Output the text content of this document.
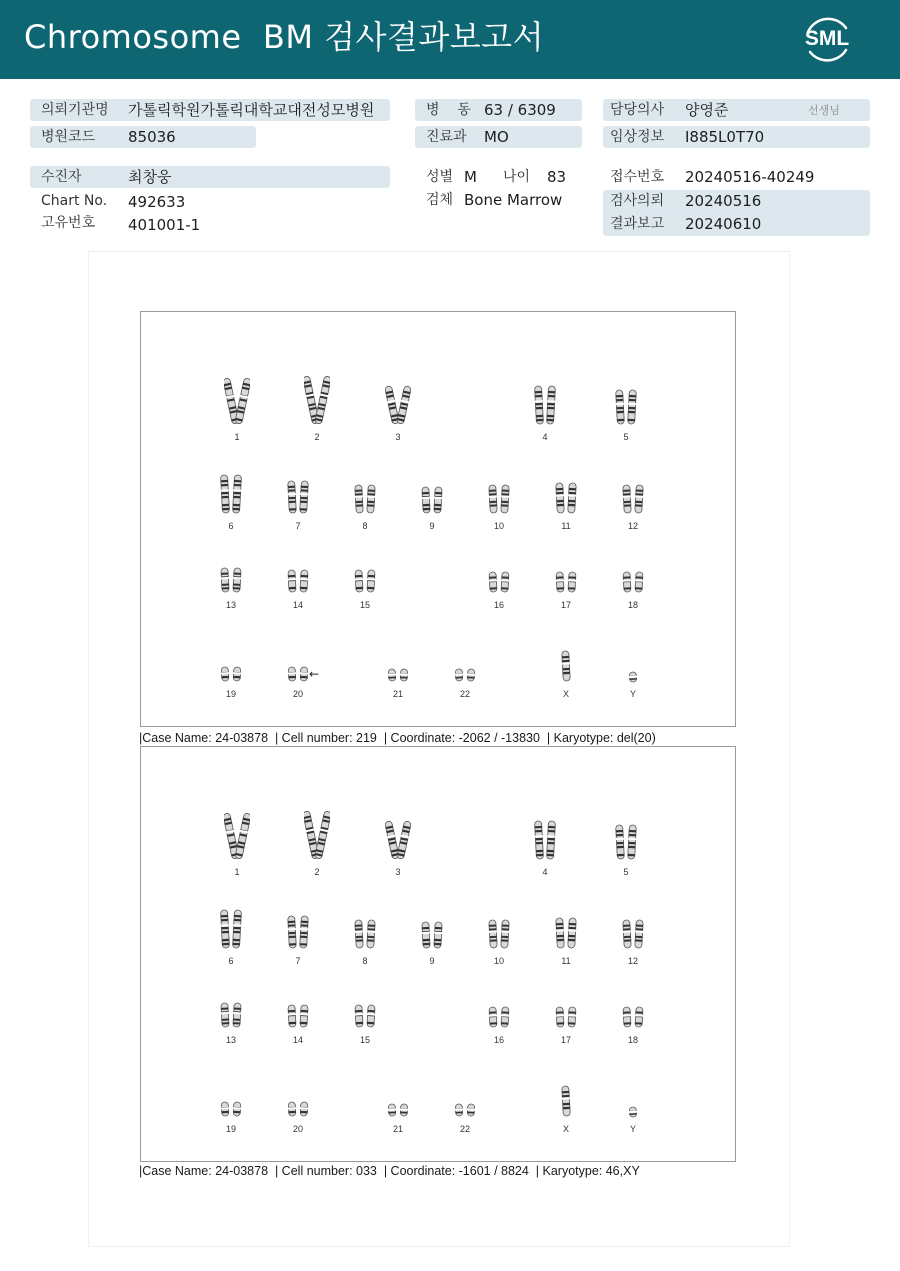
Chromosome  BM 검사결과보고서	SML
의뢰기관명 가톨릭학원가톨릭대학교대전성모병원
병원코드 85036
수진자	최창웅
Chart No. 492633
고유번호 401001-1
병    동 63 / 6309
진료과 MO
성별 M 나이 83
검체 Bone Marrow
담당의사 양영준	선생님
임상정보 I885L0T70
접수번호 20240516-40249
검사의뢰 20240516
결과보고 20240610
1	2	3	4	5
6	7	8	9	10	11	12
13	14	15	16	17	18
19	20	21	22	X	Y
←
|Case Name: 24-03878  | Cell number: 219  | Coordinate: -2062 / -13830  | Karyotype: del(20)
1	2	3	4	5
6	7	8	9	10	11	12
13	14	15	16	17	18
19	20	21	22	X	Y
|Case Name: 24-03878  | Cell number: 033  | Coordinate: -1601 / 8824  | Karyotype: 46,XY
